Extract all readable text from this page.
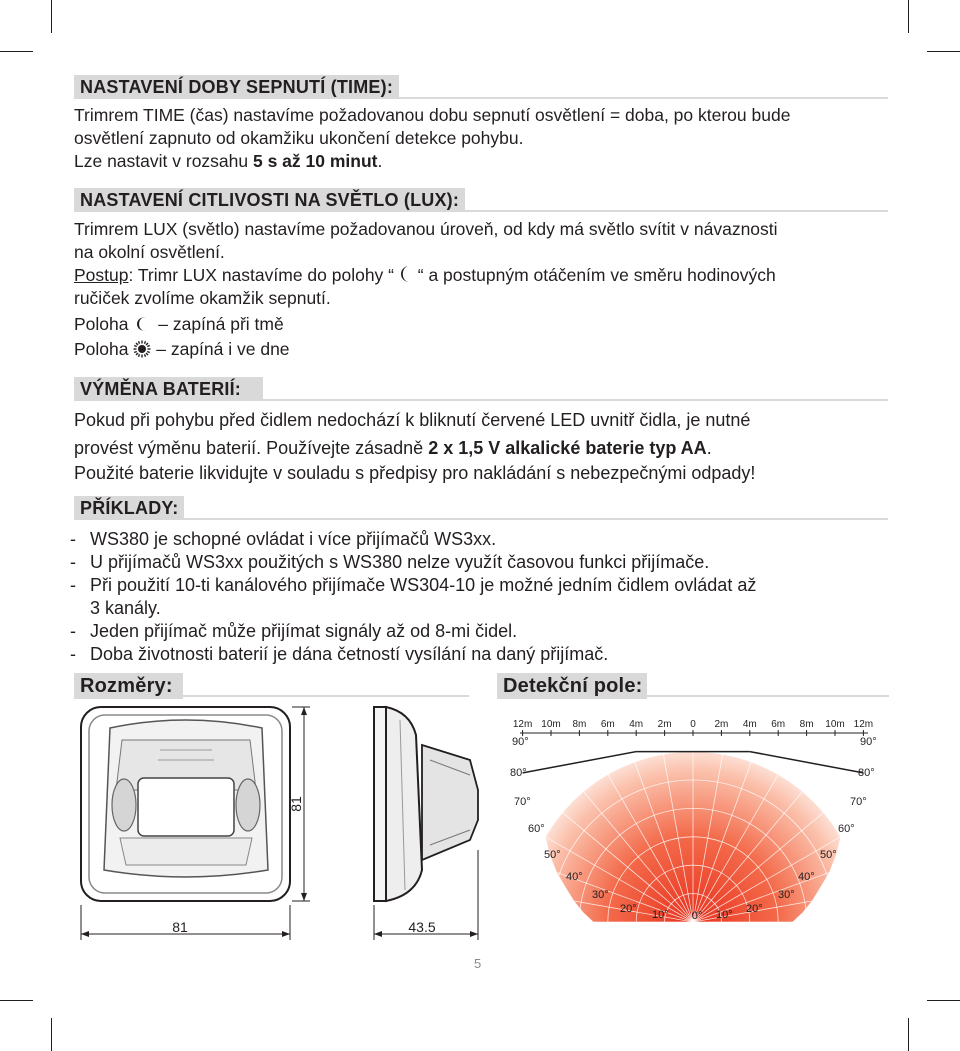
NASTAVENÍ DOBY SEPNUTÍ (TIME):
Trimrem TIME (čas) nastavíme požadovanou dobu sepnutí osvětlení = doba, po kterou bude
osvětlení zapnuto od okamžiku ukončení detekce pohybu.
Lze nastavit v rozsahu 5 s až 10 minut.
NASTAVENÍ CITLIVOSTI NA SVĚTLO (LUX):
Trimrem LUX (světlo) nastavíme požadovanou úroveň, od kdy má světlo svítit v návaznosti
na okolní osvětlení.
Postup: Trimr LUX nastavíme do polohy “ “ a postupným otáčením ve směru hodinových
ručiček zvolíme okamžik sepnutí.
Poloha – zapíná při tmě
Poloha – zapíná i ve dne
VÝMĚNA BATERIÍ:
Pokud při pohybu před čidlem nedochází k bliknutí červené LED uvnitř čidla, je nutné
provést výměnu baterií. Používejte zásadně 2 x 1,5 V alkalické baterie typ AA.
Použité baterie likvidujte v souladu s předpisy pro nakládání s nebezpečnými odpady!
PŘÍKLADY:
- WS380 je schopné ovládat i více přijímačů WS3xx.
- U přijímačů WS3xx použitých s WS380 nelze využít časovou funkci přijímače.
- Při použití 10-ti kanálového přijímače WS304-10 je možné jedním čidlem ovládat až
3 kanály.
- Jeden přijímač může přijímat signály až od 8-mi čidel.
- Doba životnosti baterií je dána četností vysílání na daný přijímač.
Rozměry:	Detekční pole:
81
81
43.5
12m 10m 8m 6m 4m 2m 0 2m 4m 6m 8m 10m 12m
90°
80°
70°
60°
50°
40°
30°
20° 10°
90°
80°
70°
60°
50°
40°
30°
20°
10°
0°
5
